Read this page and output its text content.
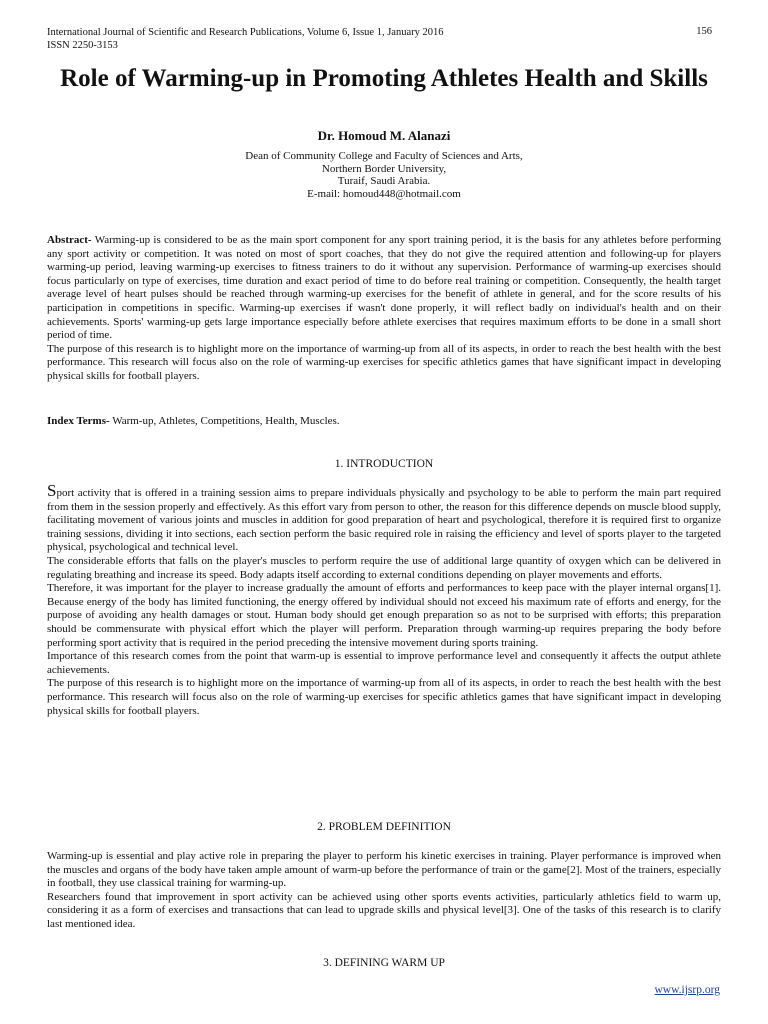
International Journal of Scientific and Research Publications, Volume 6, Issue 1, January 2016
ISSN 2250-3153
156
Role of Warming-up in Promoting Athletes Health and Skills
Dr. Homoud M. Alanazi
Dean of Community College and Faculty of Sciences and Arts,
Northern Border University,
Turaif, Saudi Arabia.
E-mail: homoud448@hotmail.com

Abstract- Warming-up is considered to be as the main sport component for any sport training period, it is the basis for any athletes before performing any sport activity or competition. It was noted on most of sport coaches, that they do not give the required attention and following-up for players warming-up period, leaving warming-up exercises to fitness trainers to do it without any supervision. Performance of warming-up exercises should focus particularly on type of exercises, time duration and exact period of time to do before real training or competition. Consequently, the health target average level of heart pulses should be reached through warming-up exercises for the benefit of athlete in general, and for the score results of his participation in competitions in specific. Warming-up exercises if wasn't done properly, it will reflect badly on individual's health and on their achievements. Sports' warming-up gets large importance especially before athlete exercises that requires maximum efforts to be done in a small short period of time.

The purpose of this research is to highlight more on the importance of warming-up from all of its aspects, in order to reach the best health with the best performance. This research will focus also on the role of warming-up exercises for specific athletics games that have significant impact in developing physical skills for football players.

Index Terms- Warm-up, Athletes, Competitions, Health, Muscles.

1. INTRODUCTION

Sport activity that is offered in a training session aims to prepare individuals physically and psychology to be able to perform the main part required from them in the session properly and effectively. As this effort vary from person to other, the reason for this difference depends on muscle blood supply, facilitating movement of various joints and muscles in addition for good preparation of heart and psychological, therefore it is required first to organize training sessions, dividing it into sections, each section perform the basic required role in raising the efficiency and level of sports player to the targeted physical, psychological and technical level.

The considerable efforts that falls on the player's muscles to perform require the use of additional large quantity of oxygen which can be delivered in regulating breathing and increase its speed. Body adapts itself according to external conditions depending on player movements and efforts.

Therefore, it was important for the player to increase gradually the amount of efforts and performances to keep pace with the player internal organs[1]. Because energy of the body has limited functioning, the energy offered by individual should not exceed his maximum rate of efforts and energy, for the purpose of avoiding any health damages or stout. Human body should get enough preparation so as not to be surprised with efforts; this preparation should be commensurate with physical effort which the player will perform. Preparation through warming-up requires preparing the body before performing sport activity that is required in the period preceding the intensive movement during sports training.

Importance of this research comes from the point that warm-up is essential to improve performance level and consequently it affects the output athlete achievements.

The purpose of this research is to highlight more on the importance of warming-up from all of its aspects, in order to reach the best health with the best performance. This research will focus also on the role of warming-up exercises for specific athletics games that have significant impact in developing physical skills for football players.

2. PROBLEM DEFINITION

Warming-up is essential and play active role in preparing the player to perform his kinetic exercises in training. Player performance is improved when the muscles and organs of the body have taken ample amount of warm-up before the performance of train or the game[2]. Most of the trainers, especially in football, they use classical training for warming-up.

Researchers found that improvement in sport activity can be achieved using other sports events activities, particularly athletics field to warm up, considering it as a form of exercises and transactions that can lead to upgrade skills and physical level[3]. One of the tasks of this research is to clarify last mentioned idea.

3. DEFINING WARM UP
www.ijsrp.org
